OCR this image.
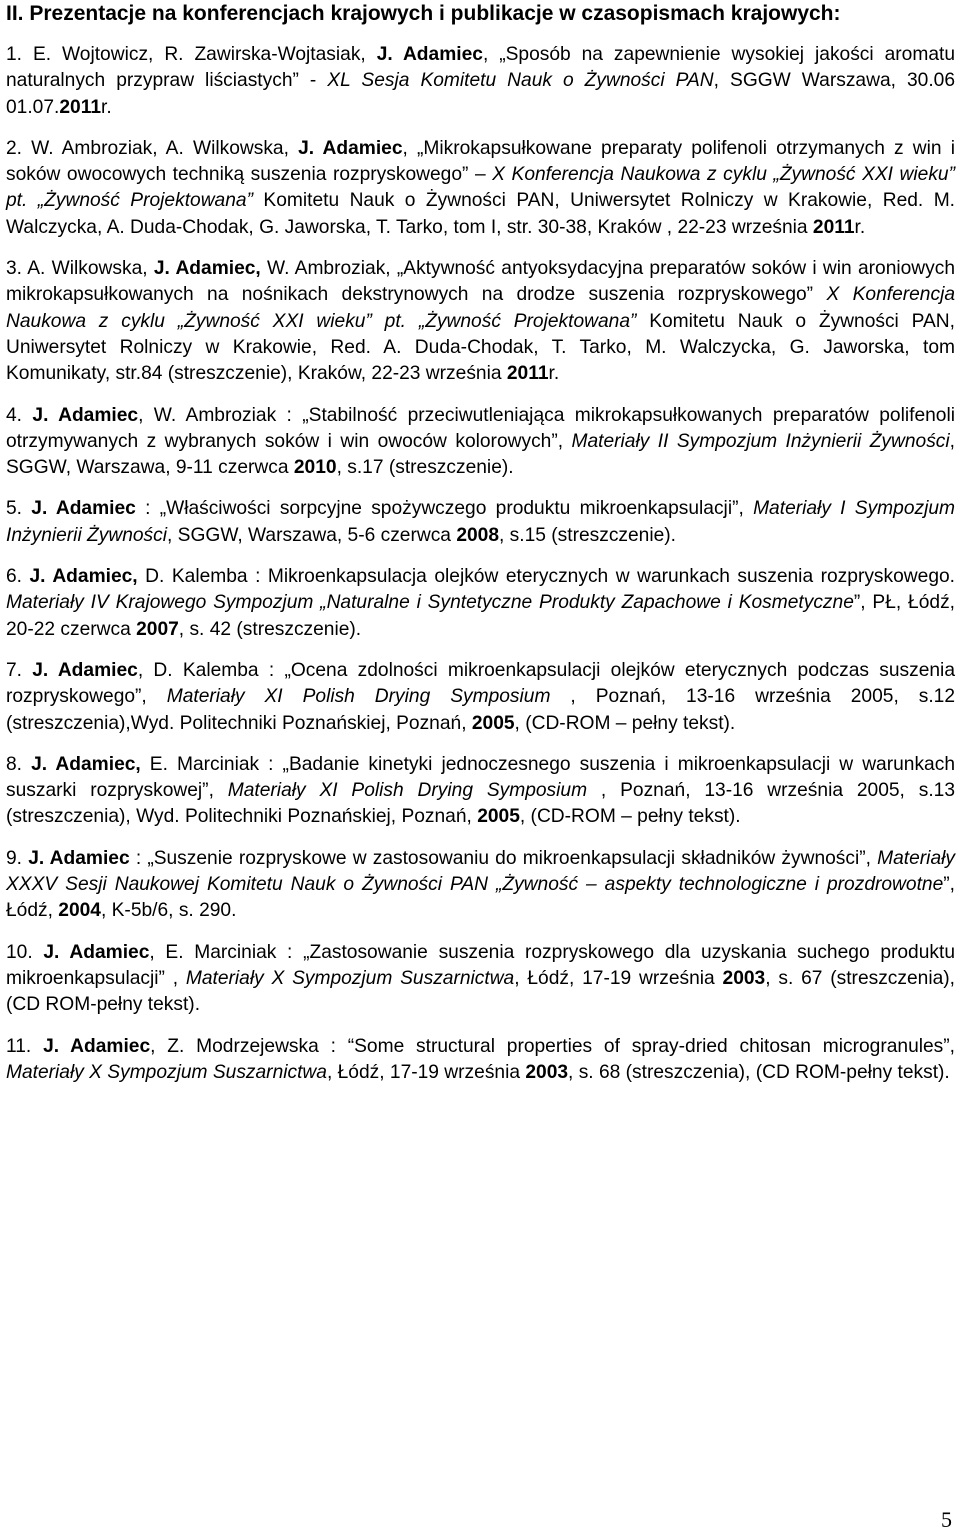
II. Prezentacje na konferencjach krajowych i publikacje w czasopismach krajowych:
1. E. Wojtowicz, R. Zawirska-Wojtasiak, J. Adamiec, „Sposób na zapewnienie wysokiej jakości aromatu naturalnych przypraw liściastych” - XL Sesja Komitetu Nauk o Żywności PAN, SGGW Warszawa, 30.06 01.07.2011r.
2. W. Ambroziak, A. Wilkowska, J. Adamiec, „Mikrokapsułkowane preparaty polifenoli otrzymanych z win i soków owocowych techniką suszenia rozpryskowego” – X Konferencja Naukowa z cyklu „Żywność XXI wieku” pt. „Żywność Projektowana” Komitetu Nauk o Żywności PAN, Uniwersytet Rolniczy w Krakowie, Red. M. Walczycka, A. Duda-Chodak, G. Jaworska, T. Tarko, tom I, str. 30-38, Kraków , 22-23 września 2011r.
3. A. Wilkowska, J. Adamiec, W. Ambroziak, „Aktywność antyoksydacyjna preparatów soków i win aroniowych mikrokapsułkowanych na nośnikach dekstrynowych na drodze suszenia rozpryskowego” X Konferencja Naukowa z cyklu „Żywność XXI wieku” pt. „Żywność Projektowana” Komitetu Nauk o Żywności PAN, Uniwersytet Rolniczy w Krakowie, Red. A. Duda-Chodak, T. Tarko, M. Walczycka, G. Jaworska, tom Komunikaty, str.84 (streszczenie), Kraków, 22-23 września 2011r.
4. J. Adamiec, W. Ambroziak : „Stabilność przeciwutleniająca mikrokapsułkowanych preparatów polifenoli otrzymywanych z wybranych soków i win owoców kolorowych”, Materiały II Sympozjum Inżynierii Żywności, SGGW, Warszawa, 9-11 czerwca 2010, s.17 (streszczenie).
5. J. Adamiec : „Właściwości sorpcyjne spożywczego produktu mikroenkapsulacji”, Materiały I Sympozjum Inżynierii Żywności, SGGW, Warszawa, 5-6 czerwca 2008, s.15 (streszczenie).
6. J. Adamiec, D. Kalemba : Mikroenkapsulacja olejków eterycznych w warunkach suszenia rozpryskowego. Materiały IV Krajowego Sympozjum „Naturalne i Syntetyczne Produkty Zapachowe i Kosmetyczne”, PŁ, Łódź, 20-22 czerwca 2007, s. 42 (streszczenie).
7. J. Adamiec, D. Kalemba : „Ocena zdolności mikroenkapsulacji olejków eterycznych podczas suszenia rozpryskowego”, Materiały XI Polish Drying Symposium , Poznań, 13-16 września 2005, s.12 (streszczenia),Wyd. Politechniki Poznańskiej, Poznań, 2005, (CD-ROM – pełny tekst).
8. J. Adamiec, E. Marciniak : „Badanie kinetyki jednoczesnego suszenia i mikroenkapsulacji w warunkach suszarki rozpryskowej”, Materiały XI Polish Drying Symposium , Poznań, 13-16 września 2005, s.13 (streszczenia), Wyd. Politechniki Poznańskiej, Poznań, 2005, (CD-ROM – pełny tekst).
9. J. Adamiec : „Suszenie rozpryskowe w zastosowaniu do mikroenkapsulacji składników żywności”, Materiały XXXV Sesji Naukowej Komitetu Nauk o Żywności PAN „Żywność – aspekty technologiczne i prozdrowotne”, Łódź, 2004, K-5b/6, s. 290.
10. J. Adamiec, E. Marciniak : „Zastosowanie suszenia rozpryskowego dla uzyskania suchego produktu mikroenkapsulacji” , Materiały X Sympozjum Suszarnictwa, Łódź, 17-19 września 2003, s. 67 (streszczenia), (CD ROM-pełny tekst).
11. J. Adamiec, Z. Modrzejewska : “Some structural properties of spray-dried chitosan microgranules”, Materiały X Sympozjum Suszarnictwa, Łódź, 17-19 września 2003, s. 68 (streszczenia), (CD ROM-pełny tekst).
5
